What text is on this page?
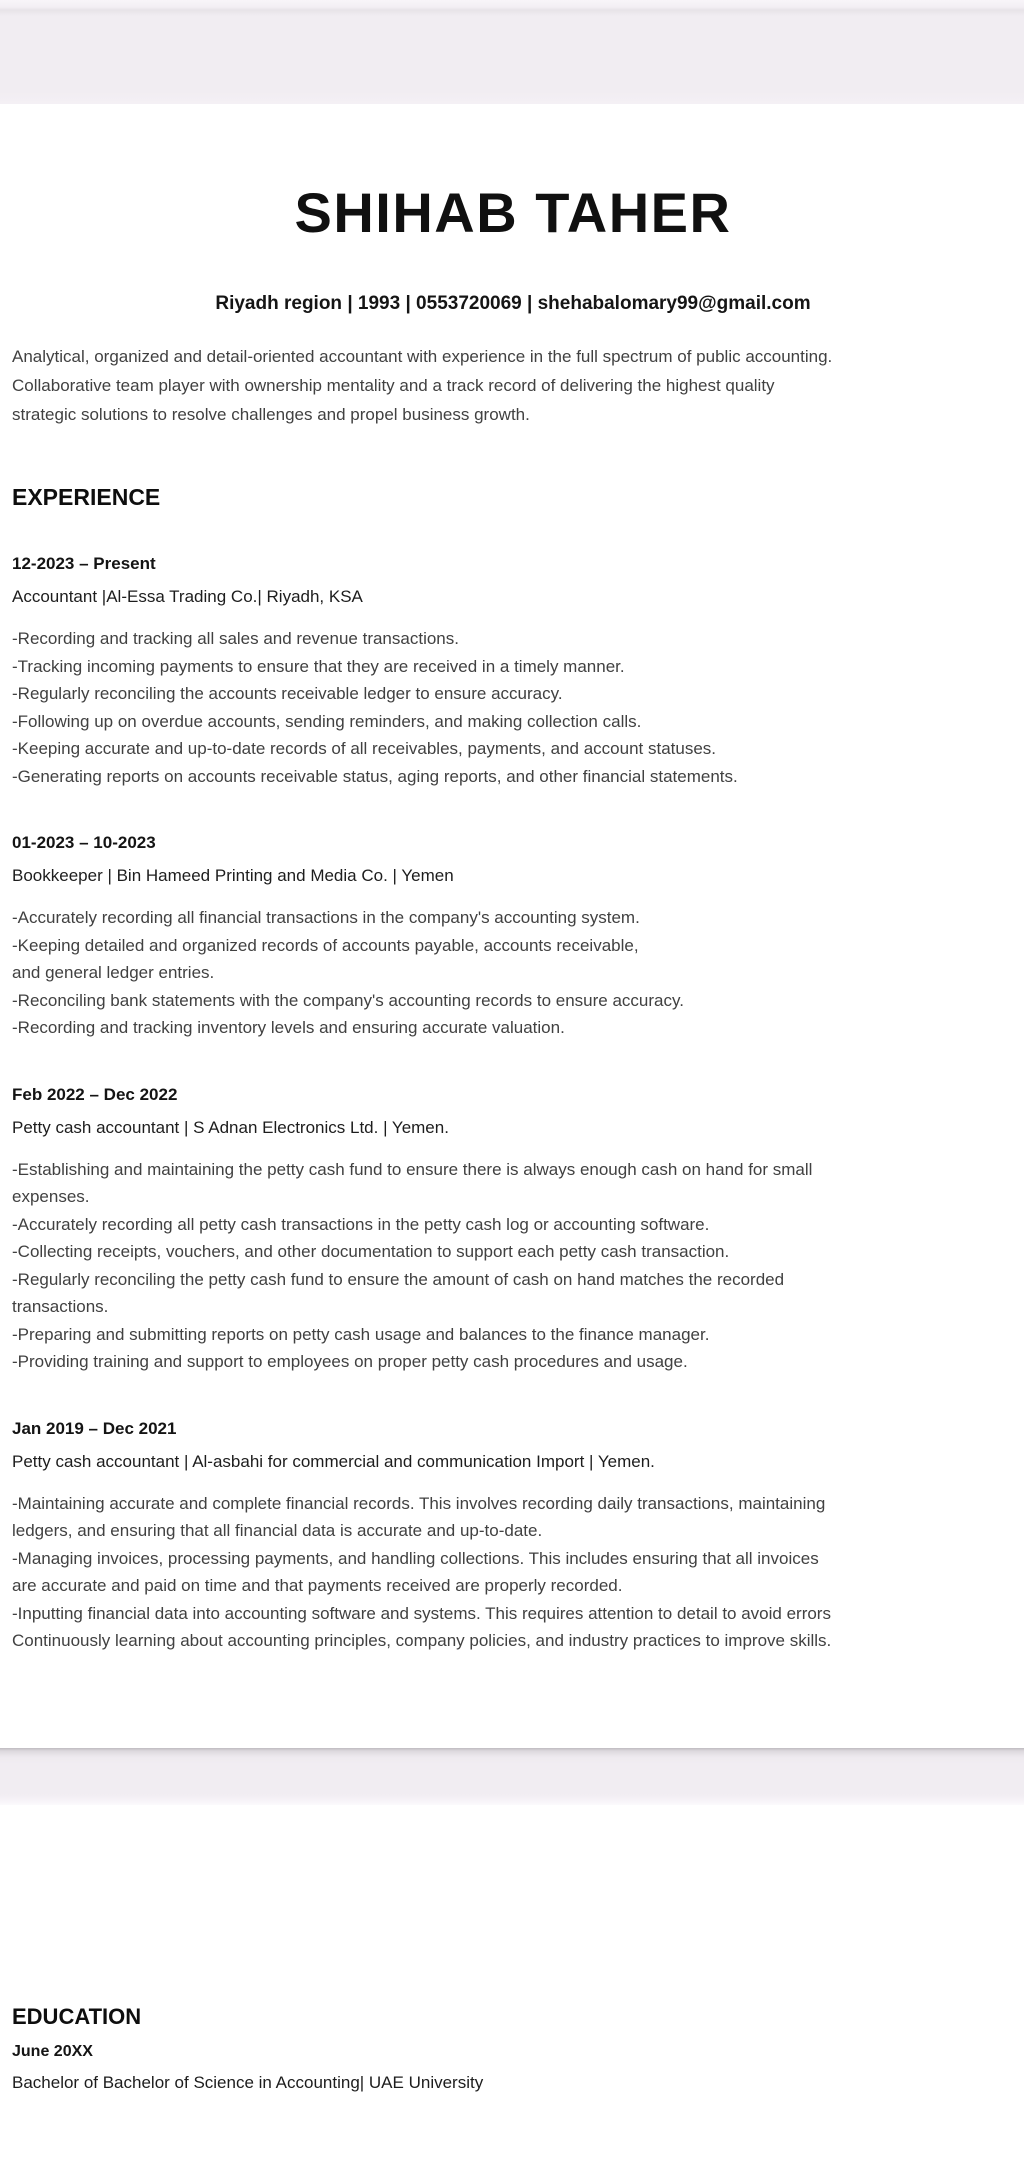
SHIHAB TAHER
Riyadh region | 1993 | 0553720069 | shehabalomary99@gmail.com
Analytical, organized and detail-oriented accountant with experience in the full spectrum of public accounting.
Collaborative team player with ownership mentality and a track record of delivering the highest quality
strategic solutions to resolve challenges and propel business growth.
EXPERIENCE
12-2023 – Present
Accountant |Al-Essa Trading Co.| Riyadh, KSA
-Recording and tracking all sales and revenue transactions.
-Tracking incoming payments to ensure that they are received in a timely manner.
-Regularly reconciling the accounts receivable ledger to ensure accuracy.
-Following up on overdue accounts, sending reminders, and making collection calls.
-Keeping accurate and up-to-date records of all receivables, payments, and account statuses.
-Generating reports on accounts receivable status, aging reports, and other financial statements.
01-2023 – 10-2023
Bookkeeper | Bin Hameed Printing and Media Co. | Yemen
-Accurately recording all financial transactions in the company's accounting system.
-Keeping detailed and organized records of accounts payable, accounts receivable,
and general ledger entries.
-Reconciling bank statements with the company's accounting records to ensure accuracy.
-Recording and tracking inventory levels and ensuring accurate valuation.
Feb 2022 – Dec 2022
Petty cash accountant | S Adnan Electronics Ltd. | Yemen.
-Establishing and maintaining the petty cash fund to ensure there is always enough cash on hand for small
expenses.
-Accurately recording all petty cash transactions in the petty cash log or accounting software.
-Collecting receipts, vouchers, and other documentation to support each petty cash transaction.
-Regularly reconciling the petty cash fund to ensure the amount of cash on hand matches the recorded
transactions.
-Preparing and submitting reports on petty cash usage and balances to the finance manager.
-Providing training and support to employees on proper petty cash procedures and usage.
Jan 2019 – Dec 2021
Petty cash accountant | Al-asbahi for commercial and communication Import | Yemen.
-Maintaining accurate and complete financial records. This involves recording daily transactions, maintaining
ledgers, and ensuring that all financial data is accurate and up-to-date.
-Managing invoices, processing payments, and handling collections. This includes ensuring that all invoices
are accurate and paid on time and that payments received are properly recorded.
-Inputting financial data into accounting software and systems. This requires attention to detail to avoid errors
Continuously learning about accounting principles, company policies, and industry practices to improve skills.
EDUCATION
June 20XX
Bachelor of Bachelor of Science in Accounting| UAE University
